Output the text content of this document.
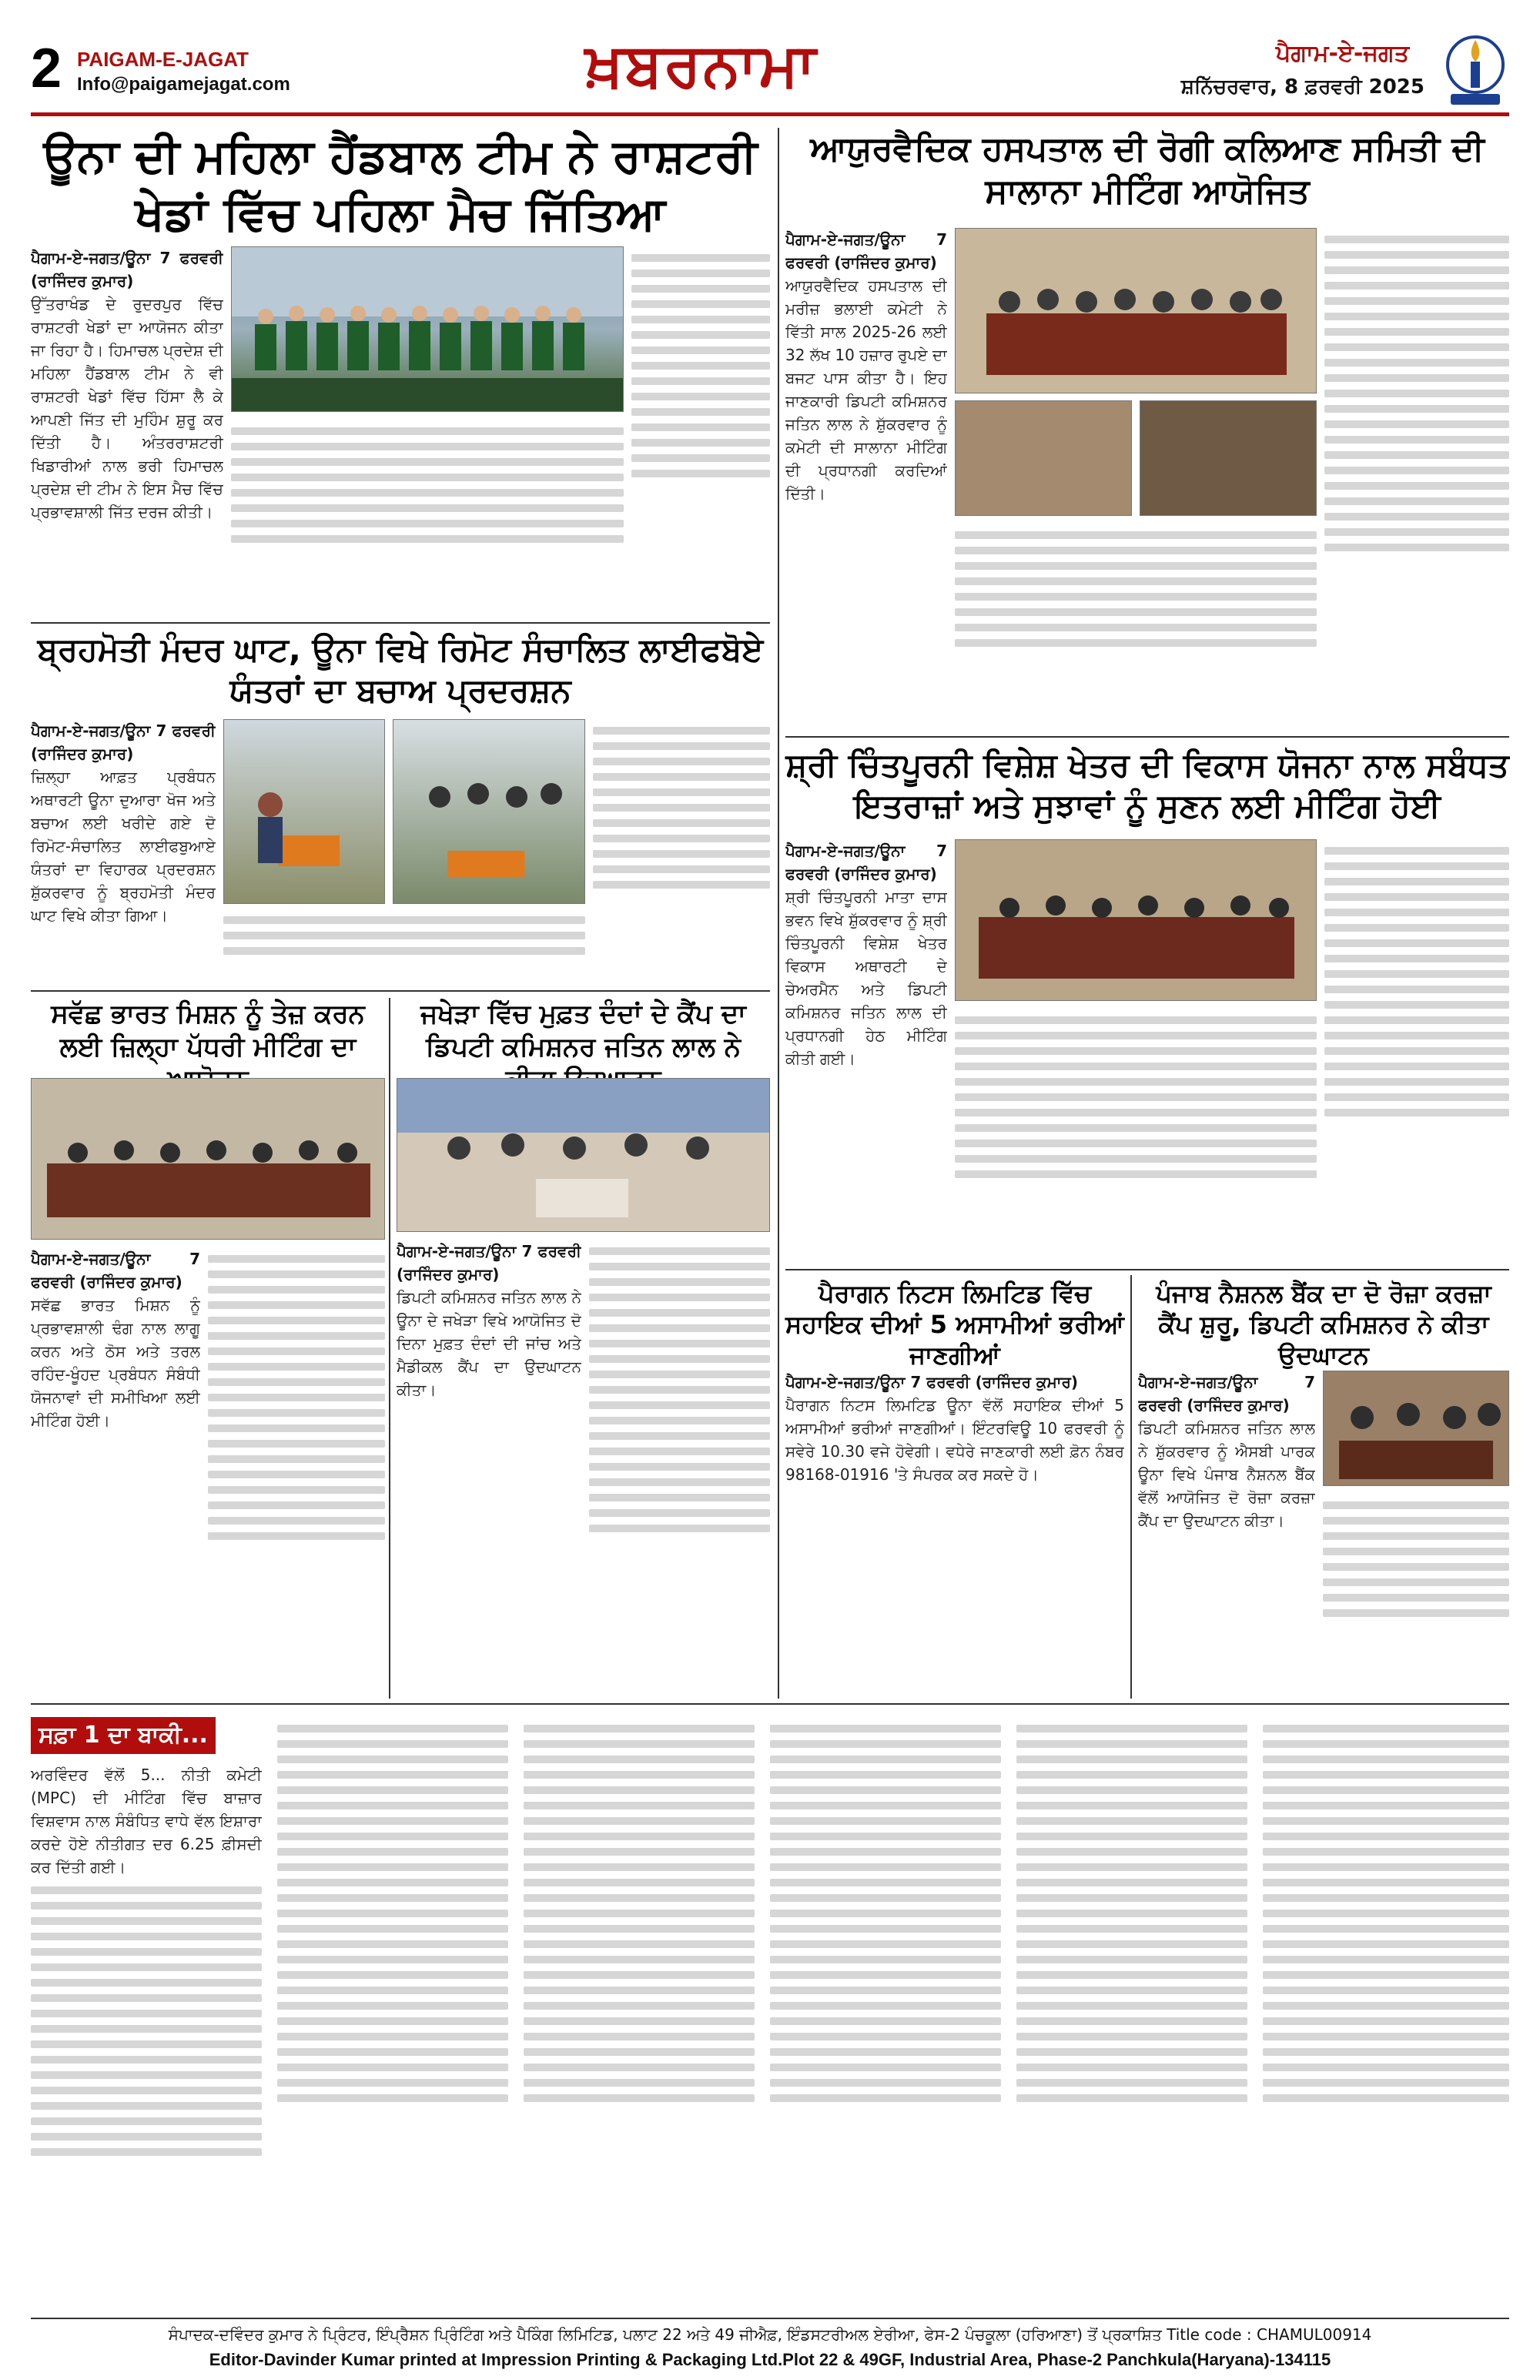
2 PAIGAM-E-JAGAT
Info@paigamejagat.com	ਖ਼ਬਰਨਾਮਾ	ਪੈਗਾਮ-ਏ-ਜਗਤ
ਸ਼ਨਿੱਚਰਵਾਰ, 8 ਫ਼ਰਵਰੀ 2025
ਊਨਾ ਦੀ ਮਹਿਲਾ ਹੈਂਡਬਾਲ ਟੀਮ ਨੇ ਰਾਸ਼ਟਰੀ ਖੇਡਾਂ ਵਿੱਚ ਪਹਿਲਾ ਮੈਚ ਜਿੱਤਿਆ
ਪੈਗਾਮ-ਏ-ਜਗਤ/ਊਨਾ 7 ਫਰਵਰੀ (ਰਾਜਿੰਦਰ ਕੁਮਾਰ)
ਉੱਤਰਾਖੰਡ ਦੇ ਰੁਦਰਪੁਰ ਵਿੱਚ ਰਾਸ਼ਟਰੀ ਖੇਡਾਂ ਦਾ ਆਯੋਜਨ ਕੀਤਾ ਜਾ ਰਿਹਾ ਹੈ। ਹਿਮਾਚਲ ਪ੍ਰਦੇਸ਼ ਦੀ ਮਹਿਲਾ ਹੈਂਡਬਾਲ ਟੀਮ ਨੇ ਵੀ ਰਾਸ਼ਟਰੀ ਖੇਡਾਂ ਵਿੱਚ ਹਿੱਸਾ ਲੈ ਕੇ ਆਪਣੀ ਜਿੱਤ ਦੀ ਮੁਹਿੰਮ ਸ਼ੁਰੂ ਕਰ ਦਿੱਤੀ ਹੈ। ਅੰਤਰਰਾਸ਼ਟਰੀ ਖਿਡਾਰੀਆਂ ਨਾਲ ਭਰੀ ਹਿਮਾਚਲ ਪ੍ਰਦੇਸ਼ ਦੀ ਟੀਮ ਨੇ ਇਸ ਮੈਚ ਵਿੱਚ ਪ੍ਰਭਾਵਸ਼ਾਲੀ ਜਿੱਤ ਦਰਜ ਕੀਤੀ।
ਆਯੁਰਵੈਦਿਕ ਹਸਪਤਾਲ ਦੀ ਰੋਗੀ ਕਲਿਆਣ ਸਮਿਤੀ ਦੀ ਸਾਲਾਨਾ ਮੀਟਿੰਗ ਆਯੋਜਿਤ
ਪੈਗਾਮ-ਏ-ਜਗਤ/ਊਨਾ 7 ਫਰਵਰੀ (ਰਾਜਿੰਦਰ ਕੁਮਾਰ)
ਆਯੁਰਵੈਦਿਕ ਹਸਪਤਾਲ ਦੀ ਮਰੀਜ਼ ਭਲਾਈ ਕਮੇਟੀ ਨੇ ਵਿੱਤੀ ਸਾਲ 2025-26 ਲਈ 32 ਲੱਖ 10 ਹਜ਼ਾਰ ਰੁਪਏ ਦਾ ਬਜਟ ਪਾਸ ਕੀਤਾ ਹੈ। ਇਹ ਜਾਣਕਾਰੀ ਡਿਪਟੀ ਕਮਿਸ਼ਨਰ ਜਤਿਨ ਲਾਲ ਨੇ ਸ਼ੁੱਕਰਵਾਰ ਨੂੰ ਕਮੇਟੀ ਦੀ ਸਾਲਾਨਾ ਮੀਟਿੰਗ ਦੀ ਪ੍ਰਧਾਨਗੀ ਕਰਦਿਆਂ ਦਿੱਤੀ।
ਬ੍ਰਹਮੋਤੀ ਮੰਦਰ ਘਾਟ, ਊਨਾ ਵਿਖੇ ਰਿਮੋਟ ਸੰਚਾਲਿਤ ਲਾਈਫਬੋਏ ਯੰਤਰਾਂ ਦਾ ਬਚਾਅ ਪ੍ਰਦਰਸ਼ਨ
ਪੈਗਾਮ-ਏ-ਜਗਤ/ਊਨਾ 7 ਫਰਵਰੀ (ਰਾਜਿੰਦਰ ਕੁਮਾਰ)
ਜ਼ਿਲ੍ਹਾ ਆਫ਼ਤ ਪ੍ਰਬੰਧਨ ਅਥਾਰਟੀ ਊਨਾ ਦੁਆਰਾ ਖੋਜ ਅਤੇ ਬਚਾਅ ਲਈ ਖਰੀਦੇ ਗਏ ਦੋ ਰਿਮੋਟ-ਸੰਚਾਲਿਤ ਲਾਈਫਬੁਆਏ ਯੰਤਰਾਂ ਦਾ ਵਿਹਾਰਕ ਪ੍ਰਦਰਸ਼ਨ ਸ਼ੁੱਕਰਵਾਰ ਨੂੰ ਬ੍ਰਹਮੋਤੀ ਮੰਦਰ ਘਾਟ ਵਿਖੇ ਕੀਤਾ ਗਿਆ।
ਸ਼੍ਰੀ ਚਿੰਤਪੂਰਨੀ ਵਿਸ਼ੇਸ਼ ਖੇਤਰ ਦੀ ਵਿਕਾਸ ਯੋਜਨਾ ਨਾਲ ਸਬੰਧਤ ਇਤਰਾਜ਼ਾਂ ਅਤੇ ਸੁਝਾਵਾਂ ਨੂੰ ਸੁਣਨ ਲਈ ਮੀਟਿੰਗ ਹੋਈ
ਪੈਗਾਮ-ਏ-ਜਗਤ/ਊਨਾ 7 ਫਰਵਰੀ (ਰਾਜਿੰਦਰ ਕੁਮਾਰ)
ਸ਼੍ਰੀ ਚਿੰਤਪੂਰਨੀ ਮਾਤਾ ਦਾਸ ਭਵਨ ਵਿਖੇ ਸ਼ੁੱਕਰਵਾਰ ਨੂੰ ਸ਼੍ਰੀ ਚਿੰਤਪੂਰਨੀ ਵਿਸ਼ੇਸ਼ ਖੇਤਰ ਵਿਕਾਸ ਅਥਾਰਟੀ ਦੇ ਚੇਅਰਮੈਨ ਅਤੇ ਡਿਪਟੀ ਕਮਿਸ਼ਨਰ ਜਤਿਨ ਲਾਲ ਦੀ ਪ੍ਰਧਾਨਗੀ ਹੇਠ ਮੀਟਿੰਗ ਕੀਤੀ ਗਈ।
ਸਵੱਛ ਭਾਰਤ ਮਿਸ਼ਨ ਨੂੰ ਤੇਜ਼ ਕਰਨ ਲਈ ਜ਼ਿਲ੍ਹਾ ਪੱਧਰੀ ਮੀਟਿੰਗ ਦਾ
ਪੈਗਾਮ-ਏ-ਜਗਤ/ਊਨਾ 7 ਫਰਵਰੀ (ਰਾਜਿੰਦਰ ਕੁਮਾਰ)
ਸਵੱਛ ਭਾਰਤ ਮਿਸ਼ਨ ਨੂੰ ਪ੍ਰਭਾਵਸ਼ਾਲੀ ਢੰਗ ਨਾਲ ਲਾਗੂ ਕਰਨ ਅਤੇ ਠੋਸ ਅਤੇ ਤਰਲ ਰਹਿੰਦ-ਖੂੰਹਦ ਪ੍ਰਬੰਧਨ ਸੰਬੰਧੀ ਯੋਜਨਾਵਾਂ ਦੀ ਸਮੀਖਿਆ ਲਈ ਮੀਟਿੰਗ ਹੋਈ।
ਜਖੇੜਾ ਵਿੱਚ ਮੁਫ਼ਤ ਦੰਦਾਂ ਦੇ ਕੈਂਪ ਦਾ ਡਿਪਟੀ ਕਮਿਸ਼ਨਰ ਜਤਿਨ ਲਾਲ ਨੇ
ਪੈਗਾਮ-ਏ-ਜਗਤ/ਊਨਾ 7 ਫਰਵਰੀ (ਰਾਜਿੰਦਰ ਕੁਮਾਰ)
ਡਿਪਟੀ ਕਮਿਸ਼ਨਰ ਜਤਿਨ ਲਾਲ ਨੇ ਊਨਾ ਦੇ ਜਖੇੜਾ ਵਿਖੇ ਆਯੋਜਿਤ ਦੋ ਦਿਨਾ ਮੁਫ਼ਤ ਦੰਦਾਂ ਦੀ ਜਾਂਚ ਅਤੇ ਮੈਡੀਕਲ ਕੈਂਪ ਦਾ ਉਦਘਾਟਨ ਕੀਤਾ।
ਪੈਰਾਗਨ ਨਿਟਸ ਲਿਮਟਿਡ ਵਿੱਚ ਸਹਾਇਕ ਦੀਆਂ 5 ਅਸਾਮੀਆਂ ਭਰੀਆਂ ਜਾਣਗੀਆਂ
ਪੈਗਾਮ-ਏ-ਜਗਤ/ਊਨਾ 7 ਫਰਵਰੀ (ਰਾਜਿੰਦਰ ਕੁਮਾਰ)
ਪੈਰਾਗਨ ਨਿਟਸ ਲਿਮਟਿਡ ਊਨਾ ਵੱਲੋਂ ਸਹਾਇਕ ਦੀਆਂ 5 ਅਸਾਮੀਆਂ ਭਰੀਆਂ ਜਾਣਗੀਆਂ। ਇੰਟਰਵਿਊ 10 ਫਰਵਰੀ ਨੂੰ ਸਵੇਰੇ 10.30 ਵਜੇ ਹੋਵੇਗੀ। ਵਧੇਰੇ ਜਾਣਕਾਰੀ ਲਈ ਫ਼ੋਨ ਨੰਬਰ 98168-01916 'ਤੇ ਸੰਪਰਕ ਕਰ ਸਕਦੇ ਹੋ।
ਪੰਜਾਬ ਨੈਸ਼ਨਲ ਬੈਂਕ ਦਾ ਦੋ ਰੋਜ਼ਾ ਕਰਜ਼ਾ ਕੈਂਪ ਸ਼ੁਰੂ, ਡਿਪਟੀ ਕਮਿਸ਼ਨਰ ਨੇ ਕੀਤਾ ਉਦਘਾਟਨ
ਪੈਗਾਮ-ਏ-ਜਗਤ/ਊਨਾ 7 ਫਰਵਰੀ (ਰਾਜਿੰਦਰ ਕੁਮਾਰ)
ਡਿਪਟੀ ਕਮਿਸ਼ਨਰ ਜਤਿਨ ਲਾਲ ਨੇ ਸ਼ੁੱਕਰਵਾਰ ਨੂੰ ਐਸਬੀ ਪਾਰਕ ਊਨਾ ਵਿਖੇ ਪੰਜਾਬ ਨੈਸ਼ਨਲ ਬੈਂਕ ਵੱਲੋਂ ਆਯੋਜਿਤ ਦੋ ਰੋਜ਼ਾ ਕਰਜ਼ਾ ਕੈਂਪ ਦਾ ਉਦਘਾਟਨ ਕੀਤਾ।
ਸਫ਼ਾ 1 ਦਾ ਬਾਕੀ...
ਅਰਵਿੰਦਰ ਵੱਲੋਂ 5... ਨੀਤੀ ਕਮੇਟੀ (MPC) ਦੀ ਮੀਟਿੰਗ ਵਿੱਚ ਬਾਜ਼ਾਰ ਵਿਸ਼ਵਾਸ ਨਾਲ ਸੰਬੰਧਿਤ ਵਾਧੇ ਵੱਲ ਇਸ਼ਾਰਾ ਕਰਦੇ ਹੋਏ ਨੀਤੀਗਤ ਦਰ 6.25 ਫ਼ੀਸਦੀ ਕਰ ਦਿੱਤੀ ਗਈ।
ਸੰਪਾਦਕ-ਦਵਿੰਦਰ ਕੁਮਾਰ ਨੇ ਪ੍ਰਿੰਟਰ, ਇੰਪ੍ਰੈਸ਼ਨ ਪ੍ਰਿੰਟਿੰਗ ਅਤੇ ਪੈਕਿੰਗ ਲਿਮਿਟਿਡ, ਪਲਾਟ 22 ਅਤੇ 49 ਜੀਐਫ਼, ਇੰਡਸਟਰੀਅਲ ਏਰੀਆ, ਫੇਸ-2 ਪੰਚਕੂਲਾ (ਹਰਿਆਣਾ) ਤੋਂ ਪ੍ਰਕਾਸ਼ਿਤ Title code : CHAMUL00914
Editor-Davinder Kumar printed at Impression Printing & Packaging Ltd.Plot 22 & 49GF, Industrial Area, Phase-2 Panchkula(Haryana)-134115
